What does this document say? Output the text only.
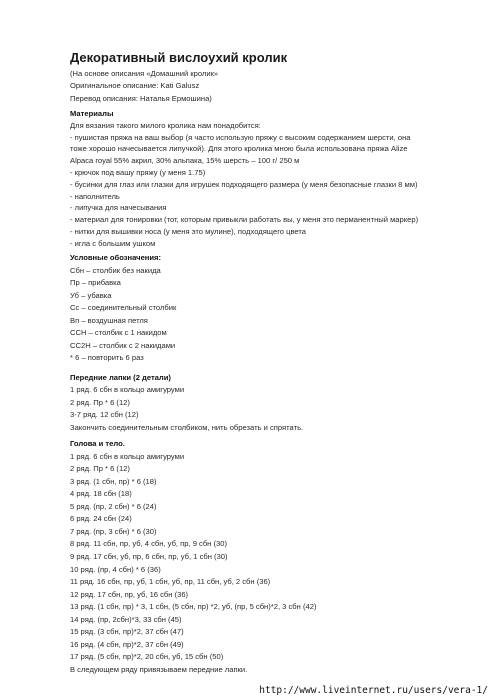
Декоративный вислоухий кролик
(На основе описания «Домашний кролик»
Оригинальное описание: Kati Galusz
Перевод описания: Наталья Ермошина)
Материалы
Для вязания такого милого кролика нам понадобится:
- пушистая пряжа на ваш выбор (я часто использую пряжу с высоким содержанием шерсти, она
тоже хорошо начесывается липучкой). Для этого кролика мною была использована пряжа Alize
Alpaca royal 55% акрил, 30% альпака, 15% шерсть – 100 г/ 250 м
- крючок под вашу пряжу (у меня 1.75)
- бусинки для глаз или глазки для игрушек подходящего размера (у меня безопасные глазки 8 мм)
- наполнитель
- липучка для начесывания
- материал для тонировки (тот, которым привыкли работать вы, у меня это перманентный маркер)
- нитки для вышивки носа (у меня это мулине), подходящего цвета
- игла с большим ушком
Условные обозначения:
Сбн – столбик без накида
Пр – прибавка
Уб – убавка
Сс – соединительный столбик
Вп – воздушная петля
ССН – столбик с 1 накидом
СС2Н – столбик с 2 накидами
* 6 – повторить 6 раз
Передние лапки (2 детали)
1 ряд. 6 сбн в кольцо амигуруми
2 ряд. Пр * 6 (12)
3-7 ряд. 12 сбн (12)
Закончить соединительным столбиком, нить обрезать и спрятать.
Голова и тело.
1 ряд. 6 сбн в кольцо амигуруми
2 ряд. Пр * 6 (12)
3 ряд. (1 сбн, пр) * 6 (18)
4 ряд. 18 сбн (18)
5 ряд. (пр, 2 сбн) * 6 (24)
6 ряд. 24 сбн (24)
7 ряд. (пр, 3 сбн) * 6 (30)
8 ряд. 11 сбн, пр, уб, 4 сбн, уб, пр, 9 сбн (30)
9 ряд. 17 сбн, уб, пр, 6 сбн, пр, уб, 1 сбн (30)
10 ряд. (пр, 4 сбн) * 6 (36)
11 ряд. 16 сбн, пр, уб, 1 сбн, уб, пр, 11 сбн, уб, 2 сбн (36)
12 ряд. 17 сбн, пр, уб, 16 сбн (36)
13 ряд. (1 сбн, пр) * 3, 1 сбн, (5 сбн, пр) *2, уб, (пр, 5 сбн)*2, 3 сбн (42)
14 ряд. (пр, 2сбн)*3, 33 сбн (45)
15 ряд. (3 сбн, пр)*2, 37 сбн (47)
16 ряд. (4 сбн, пр)*2, 37 сбн (49)
17 ряд. (5 сбн, пр)*2, 20 сбн, уб, 15 сбн (50)
В следующем ряду привязываем передние лапки.
http://www.liveinternet.ru/users/vera-1/
